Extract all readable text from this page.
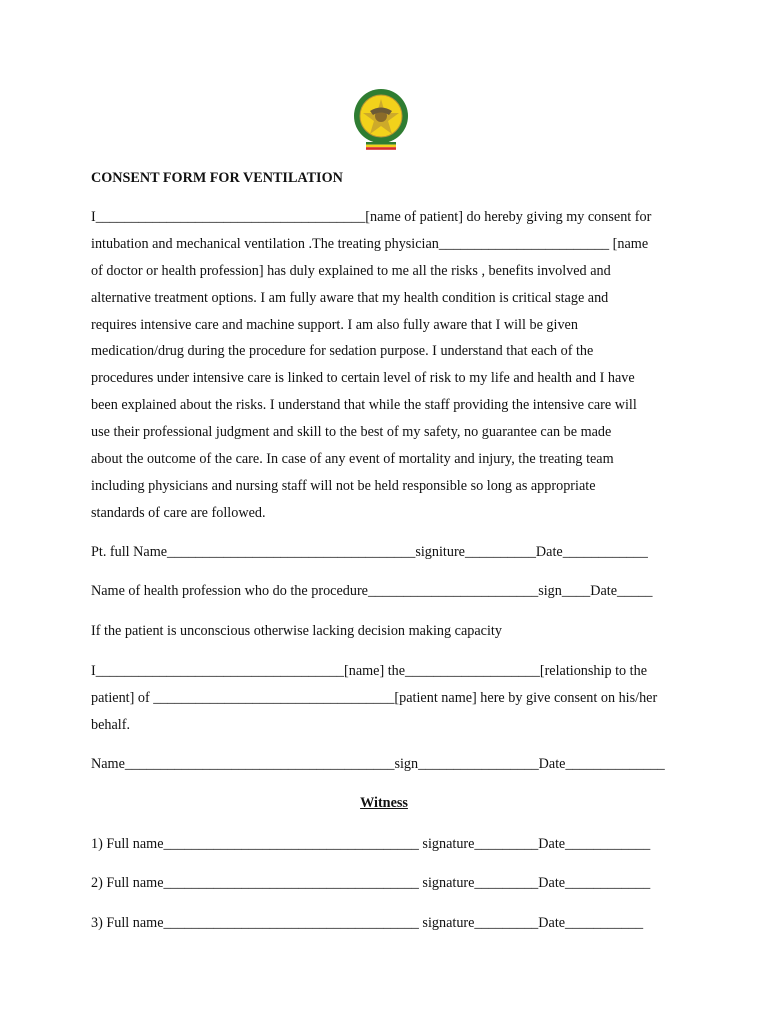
CONSENT FORM FOR VENTILATION
I______________________________________[name of patient] do hereby giving my consent for
intubation and mechanical ventilation .The treating physician________________________ [name
of doctor or health profession] has duly explained to me all the risks , benefits involved and
alternative treatment options. I am fully aware that my health condition is critical stage and
requires intensive care and machine support. I am also fully aware that I will be given
medication/drug during the procedure for sedation purpose. I understand that each of the
procedures under intensive care is linked to certain level of risk to my life and health and I have
been explained about the risks. I understand that while the staff providing the intensive care will
use their professional judgment and skill to the best of my safety, no guarantee can be made
about the outcome of the care. In case of any event of mortality and injury, the treating team
including physicians and nursing staff will not be held responsible so long as appropriate
standards of care are followed.
Pt. full Name___________________________________signiture__________Date____________
Name of health profession who do the procedure________________________sign____Date_____
If the patient is unconscious otherwise lacking decision making capacity
I___________________________________[name] the___________________[relationship to the
patient] of __________________________________[patient name] here by give consent on his/her
behalf.
Name______________________________________sign_________________Date______________
Witness
1) Full name____________________________________ signature_________Date____________
2) Full name____________________________________ signature_________Date____________
3) Full name____________________________________ signature_________Date___________
